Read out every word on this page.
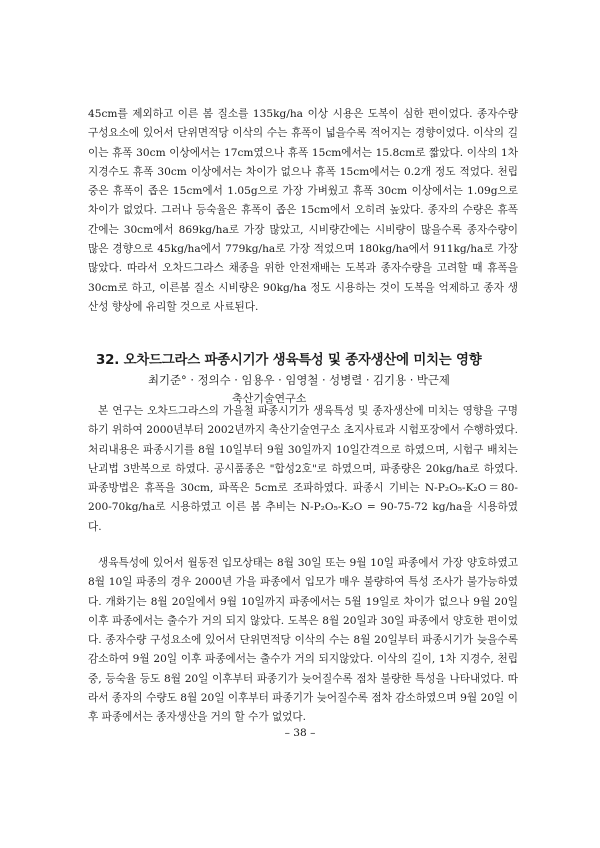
45cm를 제외하고 이른 봄 질소를 135kg/ha 이상 시용은 도복이 심한 편이었다. 종자수량 구성요소에 있어서 단위면적당 이삭의 수는 휴폭이 넓을수록 적어지는 경향이었다. 이삭의 길이는 휴폭 30cm 이상에서는 17cm였으나 휴폭 15cm에서는 15.8cm로 짧았다. 이삭의 1차 지경수도 휴폭 30cm 이상에서는 차이가 없으나 휴폭 15cm에서는 0.2개 정도 적었다. 천립중은 휴폭이 좁은 15cm에서 1.05g으로 가장 가벼웠고 휴폭 30cm 이상에서는 1.09g으로 차이가 없었다. 그러나 등숙율은 휴폭이 좁은 15cm에서 오히려 높았다. 종자의 수량은 휴폭간에는 30cm에서 869kg/ha로 가장 많았고, 시비량간에는 시비량이 많을수록 종자수량이 많은 경향으로 45kg/ha에서 779kg/ha로 가장 적었으며 180kg/ha에서 911kg/ha로 가장 많았다. 따라서 오차드그라스 채종을 위한 안전재배는 도복과 종자수량을 고려할 때 휴폭을 30cm로 하고, 이른봄 질소 시비량은 90kg/ha 정도 시용하는 것이 도복을 억제하고 종자 생산성 향상에 유리할 것으로 사료된다.

32. 오차드그라스 파종시기가 생육특성 및 종자생산에 미치는 영향

최기준° · 정의수 · 임용우 · 임영철 · 성병렬 · 김기용 · 박근제

축산기술연구소

본 연구는 오차드그라스의 가을철 파종시기가 생육특성 및 종자생산에 미치는 영향을 구명하기 위하여 2000년부터 2002년까지 축산기술연구소 초지사료과 시험포장에서 수행하였다. 처리내용은 파종시기를 8월 10일부터 9월 30일까지 10일간격으로 하였으며, 시험구 배치는 난괴법 3반복으로 하였다. 공시품종은 "합성2호"로 하였으며, 파종량은 20kg/ha로 하였다. 파종방법은 휴폭을 30cm, 파폭은 5cm로 조파하였다. 파종시 기비는 N-P₂O₅-K₂O＝80-200-70kg/ha로 시용하였고 이른 봄 추비는 N-P₂O₅-K₂O = 90-75-72 kg/ha을 시용하였다.

생육특성에 있어서 월동전 입모상태는 8월 30일 또는 9월 10일 파종에서 가장 양호하였고 8월 10일 파종의 경우 2000년 가을 파종에서 입모가 매우 불량하여 특성 조사가 불가능하였다. 개화기는 8월 20일에서 9월 10일까지 파종에서는 5월 19일로 차이가 없으나 9월 20일 이후 파종에서는 출수가 거의 되지 않았다. 도복은 8월 20일과 30일 파종에서 양호한 편이었다. 종자수량 구성요소에 있어서 단위면적당 이삭의 수는 8월 20일부터 파종시기가 늦을수록 감소하여 9월 20일 이후 파종에서는 출수가 거의 되지않았다. 이삭의 길이, 1차 지경수, 천립중, 등숙율 등도 8월 20일 이후부터 파종기가 늦어질수록 점차 불량한 특성을 나타내었다. 따라서 종자의 수량도 8월 20일 이후부터 파종기가 늦어질수록 점차 감소하였으며 9월 20일 이후 파종에서는 종자생산을 거의 할 수가 없었다.

– 38 –
